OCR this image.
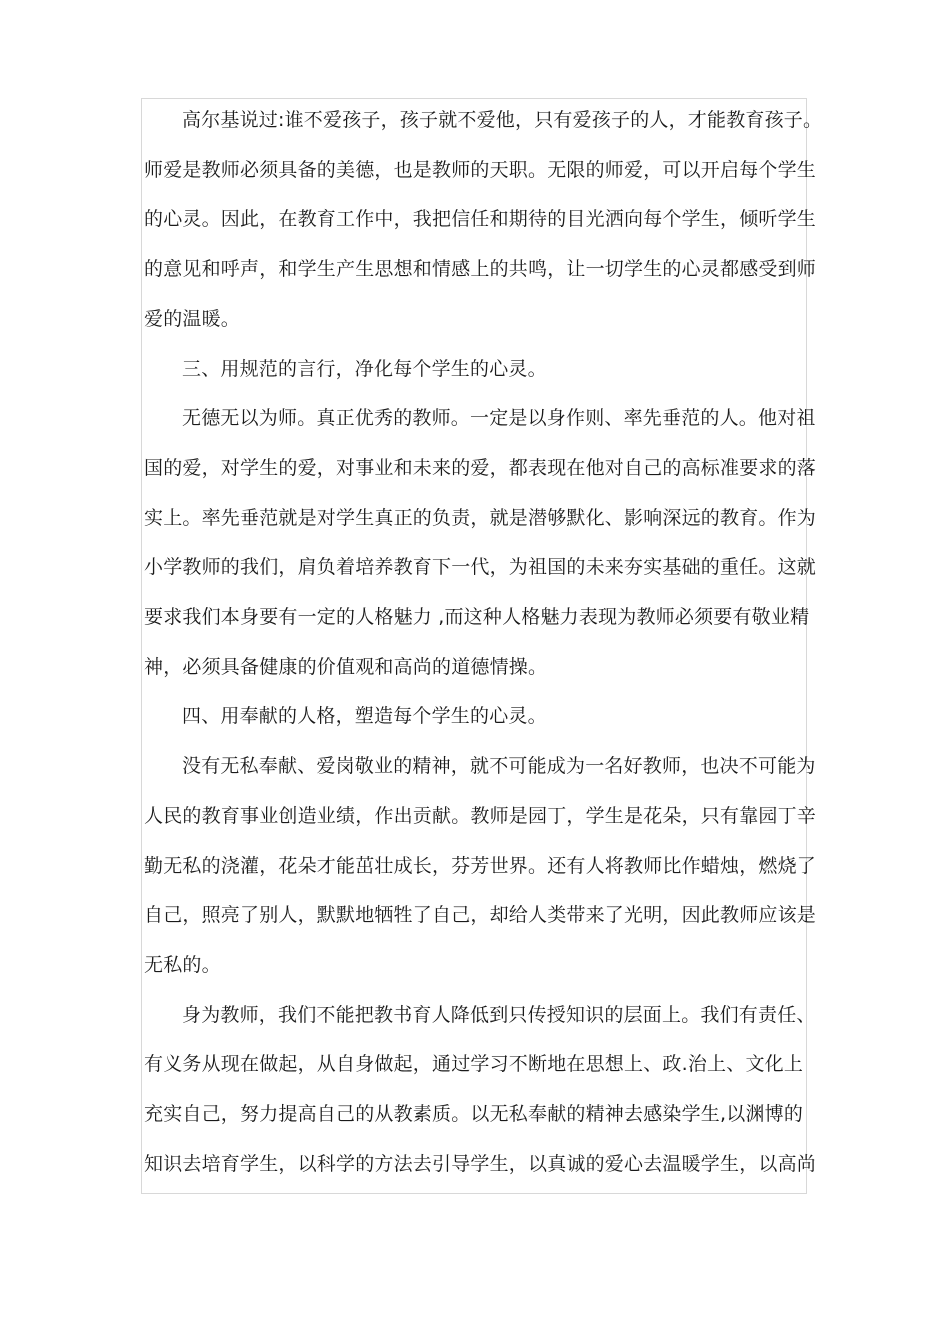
高尔基说过:谁不爱孩子，孩子就不爱他，只有爱孩子的人，才能教育孩子。

师爱是教师必须具备的美德，也是教师的天职。无限的师爱，可以开启每个学生

的心灵。因此，在教育工作中，我把信任和期待的目光洒向每个学生，倾听学生

的意见和呼声，和学生产生思想和情感上的共鸣，让一切学生的心灵都感受到师

爱的温暖。

三、用规范的言行，净化每个学生的心灵。

无德无以为师。真正优秀的教师。一定是以身作则、率先垂范的人。他对祖

国的爱，对学生的爱，对事业和未来的爱，都表现在他对自己的高标准要求的落

实上。率先垂范就是对学生真正的负责，就是潜够默化、影响深远的教育。作为

小学教师的我们，肩负着培养教育下一代，为祖国的未来夯实基础的重任。这就

要求我们本身要有一定的人格魅力 ,而这种人格魅力表现为教师必须要有敬业精

神，必须具备健康的价值观和高尚的道德情操。

四、用奉献的人格，塑造每个学生的心灵。

没有无私奉献、爱岗敬业的精神，就不可能成为一名好教师，也决不可能为

人民的教育事业创造业绩，作出贡献。教师是园丁，学生是花朵，只有靠园丁辛

勤无私的浇灌，花朵才能茁壮成长，芬芳世界。还有人将教师比作蜡烛，燃烧了

自己，照亮了别人，默默地牺牲了自己，却给人类带来了光明，因此教师应该是

无私的。

身为教师，我们不能把教书育人降低到只传授知识的层面上。我们有责任、

有义务从现在做起，从自身做起，通过学习不断地在思想上、政.治上、文化上

充实自己，努力提高自己的从教素质。以无私奉献的精神去感染学生,以渊博的

知识去培育学生，以科学的方法去引导学生，以真诚的爱心去温暖学生，以高尚
